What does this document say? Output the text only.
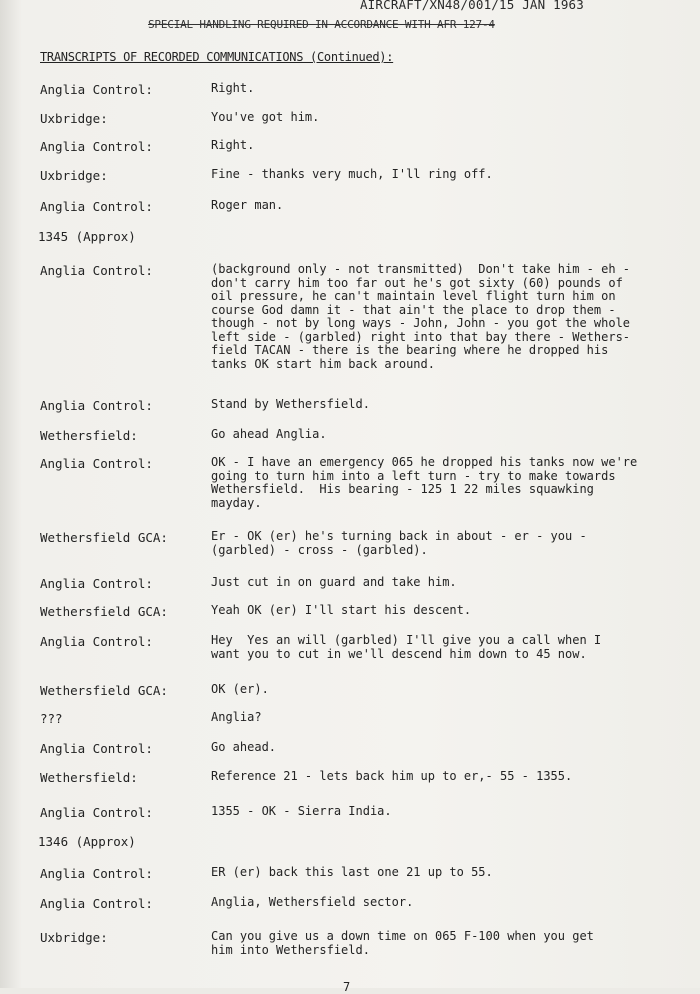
AIRCRAFT/XN48/001/15 JAN 1963
SPECIAL HANDLING REQUIRED IN ACCORDANCE WITH AFR 127-4
TRANSCRIPTS OF RECORDED COMMUNICATIONS (Continued):
Anglia Control:	Right.
Uxbridge:	You've got him.
Anglia Control:	Right.
Uxbridge:	Fine - thanks very much, I'll ring off.
Anglia Control:	Roger man.
1345 (Approx)
Anglia Control:	(background only - not transmitted)  Don't take him - eh -
don't carry him too far out he's got sixty (60) pounds of
oil pressure, he can't maintain level flight turn him on
course God damn it - that ain't the place to drop them -
though - not by long ways - John, John - you got the whole
left side - (garbled) right into that bay there - Wethers-
field TACAN - there is the bearing where he dropped his
tanks OK start him back around.
Anglia Control:	Stand by Wethersfield.
Wethersfield:	Go ahead Anglia.
Anglia Control:	OK - I have an emergency 065 he dropped his tanks now we're
going to turn him into a left turn - try to make towards
Wethersfield.  His bearing - 125 1 22 miles squawking
mayday.
Wethersfield GCA:	Er - OK (er) he's turning back in about - er - you -
(garbled) - cross - (garbled).
Anglia Control:	Just cut in on guard and take him.
Wethersfield GCA:	Yeah OK (er) I'll start his descent.
Anglia Control:	Hey  Yes an will (garbled) I'll give you a call when I
want you to cut in we'll descend him down to 45 now.
Wethersfield GCA:	OK (er).
???	Anglia?
Anglia Control:	Go ahead.
Wethersfield:	Reference 21 - lets back him up to er,- 55 - 1355.
Anglia Control:	1355 - OK - Sierra India.
1346 (Approx)
Anglia Control:	ER (er) back this last one 21 up to 55.
Anglia Control:	Anglia, Wethersfield sector.
Uxbridge:	Can you give us a down time on 065 F-100 when you get
him into Wethersfield.
7
